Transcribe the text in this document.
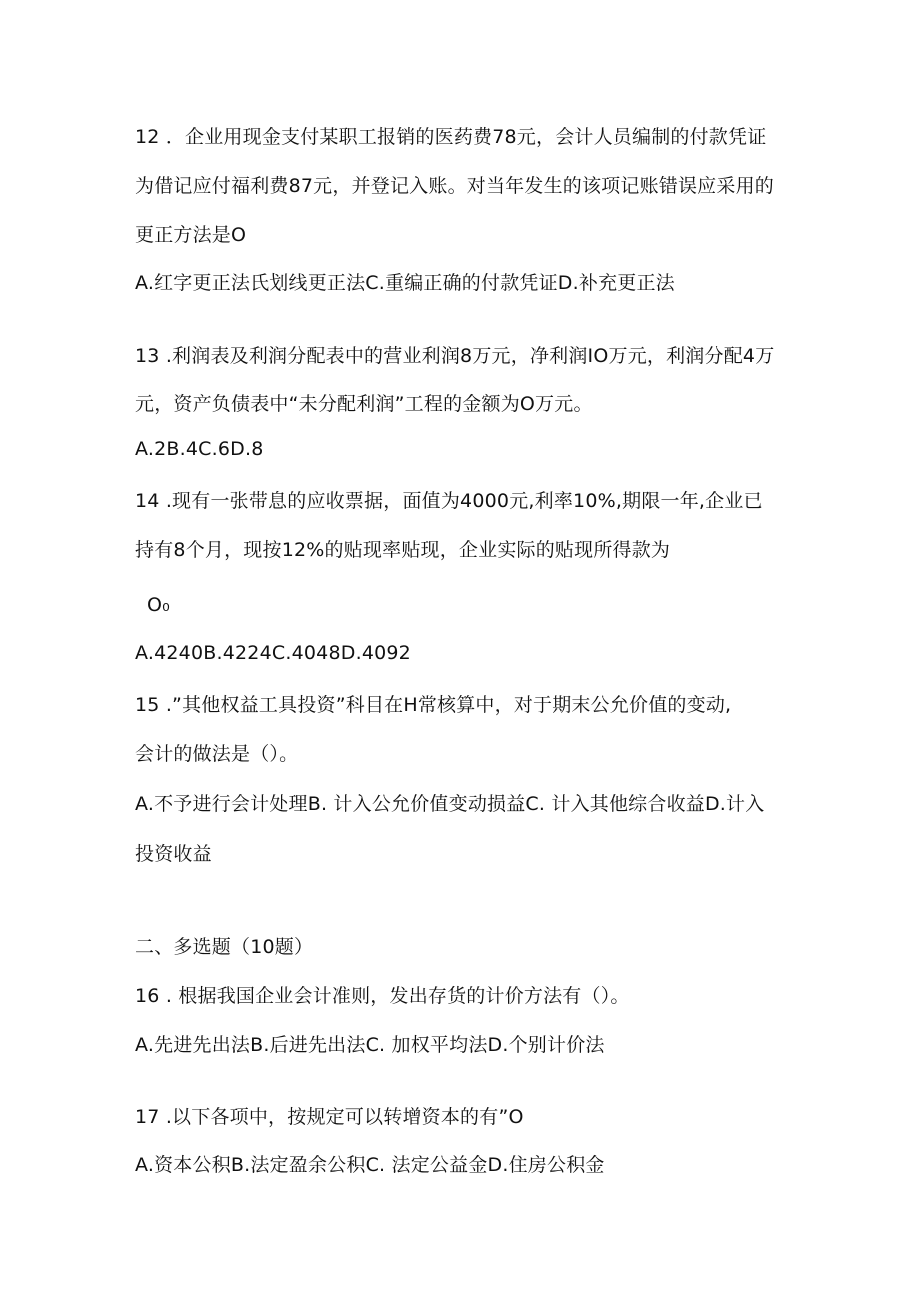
12 ．企业用现金支付某职工报销的医药费78元，会计人员编制的付款凭证
为借记应付福利费87元，并登记入账。对当年发生的该项记账错误应采用的
更正方法是O
A.红字更正法氏划线更正法C.重编正确的付款凭证D.补充更正法
13 .利润表及利润分配表中的营业利润8万元，净利润IO万元，利润分配4万
元，资产负债表中“未分配利润”工程的金额为O万元。
A.2B.4C.6D.8
14 .现有一张带息的应收票据，面值为4000元,利率10%,期限一年,企业已
持有8个月，现按12%的贴现率贴现，企业实际的贴现所得款为
O₀
A.4240B.4224C.4048D.4092
15 .”其他权益工具投资”科目在H常核算中，对于期末公允价值的变动,
会计的做法是（）。
A.不予进行会计处理B. 计入公允价值变动损益C. 计入其他综合收益D.计入
投资收益
二、多选题（10题）
16 . 根据我国企业会计准则，发出存货的计价方法有（）。
A.先进先出法B.后进先出法C. 加权平均法D.个别计价法
17 .以下各项中，按规定可以转增资本的有”O
A.资本公积B.法定盈余公积C. 法定公益金D.住房公积金
